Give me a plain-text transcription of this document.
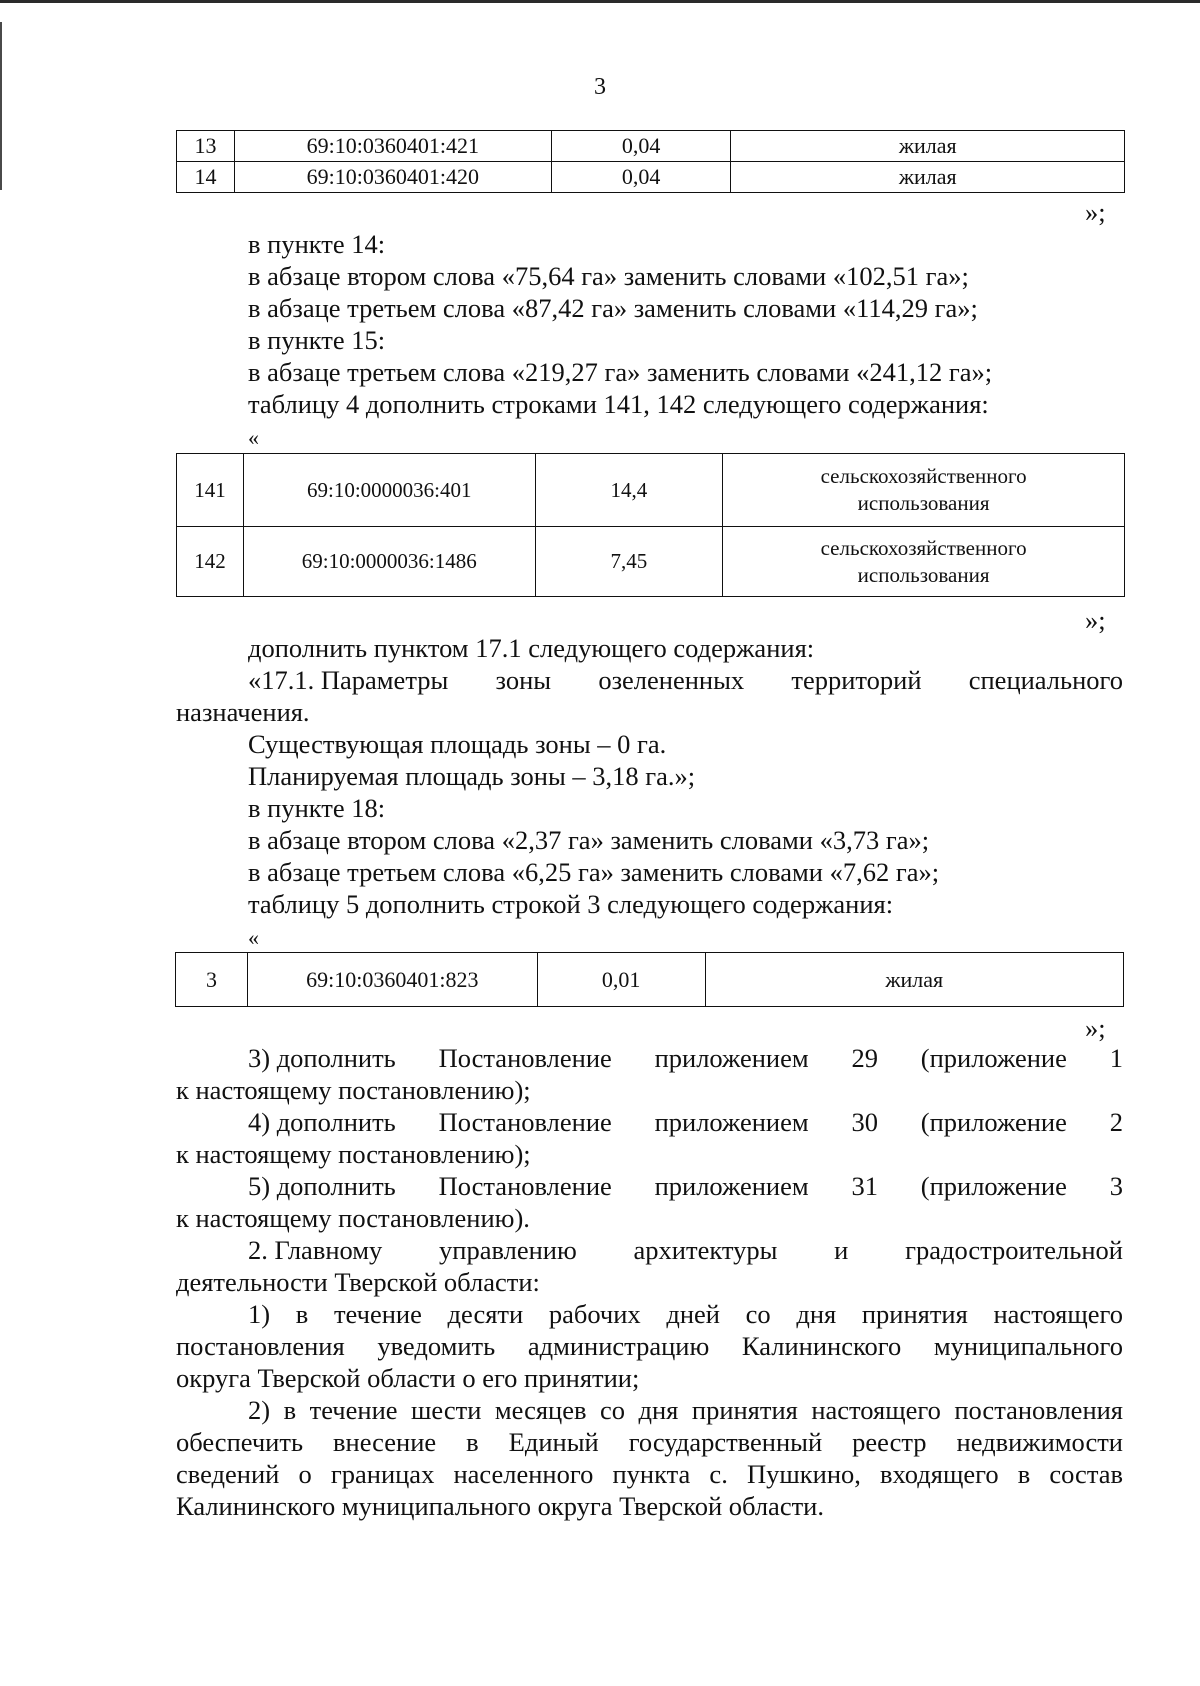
3
13	69:10:0360401:421	0,04	жилая
14	69:10:0360401:420	0,04	жилая
»;
в пункте 14:
в абзаце втором слова «75,64 га» заменить словами «102,51 га»;
в абзаце третьем слова «87,42 га» заменить словами «114,29 га»;
в пункте 15:
в абзаце третьем слова «219,27 га» заменить словами «241,12 га»;
таблицу 4 дополнить строками 141, 142 следующего содержания:
«
141	69:10:0000036:401	14,4	сельскохозяйственного использования
142	69:10:0000036:1486	7,45	сельскохозяйственного использования
»;
дополнить пунктом 17.1 следующего содержания:
«17.1. Параметры зоны озелененных территорий специального
назначения.
Существующая площадь зоны – 0 га.
Планируемая площадь зоны – 3,18 га.»;
в пункте 18:
в абзаце втором слова «2,37 га» заменить словами «3,73 га»;
в абзаце третьем слова «6,25 га» заменить словами «7,62 га»;
таблицу 5 дополнить строкой 3 следующего содержания:
«
3	69:10:0360401:823	0,01	жилая
»;
3) дополнить Постановление приложением 29 (приложение 1
к настоящему постановлению);
4) дополнить Постановление приложением 30 (приложение 2
к настоящему постановлению);
5) дополнить Постановление приложением 31 (приложение 3
к настоящему постановлению).
2. Главному управлению архитектуры и градостроительной
деятельности Тверской области:
1) в течение десяти рабочих дней со дня принятия настоящего
постановления уведомить администрацию Калининского муниципального
округа Тверской области о его принятии;
2) в течение шести месяцев со дня принятия настоящего постановления
обеспечить внесение в Единый государственный реестр недвижимости
сведений о границах населенного пункта с. Пушкино, входящего в состав
Калининского муниципального округа Тверской области.
